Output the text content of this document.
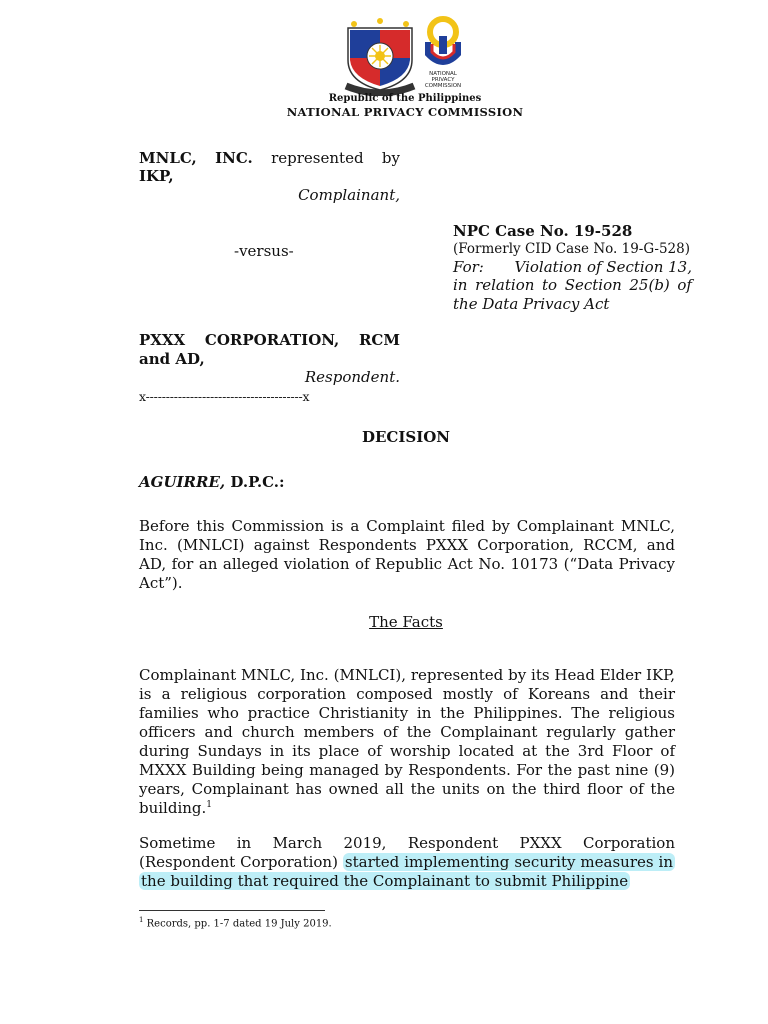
NATIONAL
PRIVACY
COMMISSION
Republic of the Philippines
NATIONAL PRIVACY COMMISSION
MNLC, INC. represented by
IKP,
Complainant,
-versus-
PXXX CORPORATION, RCM
and AD,
Respondent.
x---------------------------------------x
NPC Case No. 19-528
(Formerly CID Case No. 19-G-528)
For: Violation of Section 13,
in relation to Section 25(b) of
the Data Privacy Act
DECISION
AGUIRRE, D.P.C.:
Before this Commission is a Complaint filed by Complainant MNLC, Inc. (MNLCI) against Respondents PXXX Corporation, RCCM, and AD, for an alleged violation of Republic Act No. 10173 (“Data Privacy Act”).
The Facts
Complainant MNLC, Inc. (MNLCI), represented by its Head Elder IKP, is a religious corporation composed mostly of Koreans and their families who practice Christianity in the Philippines. The religious officers and church members of the Complainant regularly gather during Sundays in its place of worship located at the 3rd Floor of MXXX Building being managed by Respondents. For the past nine (9) years, Complainant has owned all the units on the third floor of the building.$^1$
Sometime in March 2019, Respondent PXXX Corporation (Respondent Corporation) started implementing security measures in the building that required the Complainant to submit Philippine
$^1$ Records, pp. 1-7 dated 19 July 2019.
